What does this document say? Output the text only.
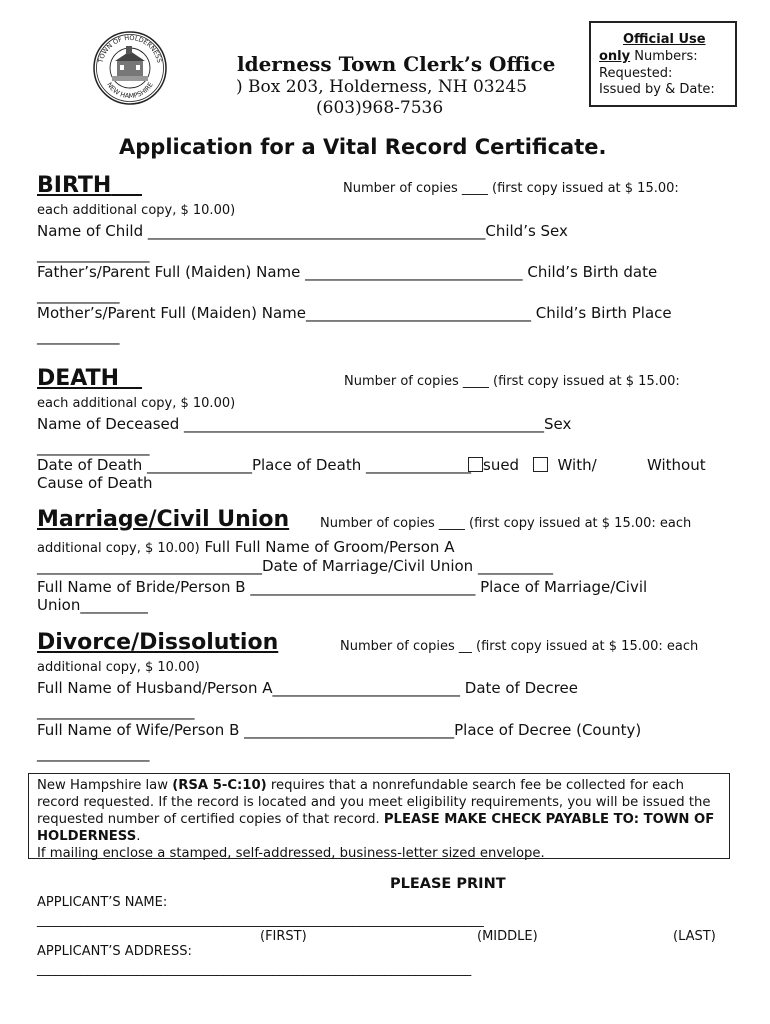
TOWN OF HOLDERNESS
NEW HAMPSHIRE
lderness Town Clerk’s Office
) Box 203, Holderness, NH 03245
(603)968-7536
Official Use
only Numbers:
Requested:
Issued by & Date:
Application for a Vital Record Certificate.
BIRTH	Number of copies ____ (first copy issued at $ 15.00:
each additional copy, $ 10.00)
Name of Child _____________________________________________Child’s Sex
_______________
Father’s/Parent Full (Maiden) Name _____________________________ Child’s Birth date
___________
Mother’s/Parent Full (Maiden) Name______________________________ Child’s Birth Place
___________
DEATH	Number of copies ____ (first copy issued at $ 15.00:
each additional copy, $ 10.00)
Name of Deceased ________________________________________________Sex
_______________
Date of Death ______________Place of Death ______________ sued	With/	Without
Cause of Death
Marriage/Civil Union Number of copies ____ (first copy issued at $ 15.00: each
additional copy, $ 10.00) Full Full Name of Groom/Person A
______________________________Date of Marriage/Civil Union __________
Full Name of Bride/Person B ______________________________ Place of Marriage/Civil
Union_________
Divorce/Dissolution	Number of copies __ (first copy issued at $ 15.00: each
additional copy, $ 10.00)
Full Name of Husband/Person A_________________________ Date of Decree
_____________________
Full Name of Wife/Person B ____________________________Place of Decree (County)
_______________
New Hampshire law (RSA 5-C:10) requires that a nonrefundable search fee be collected for each record requested. If the record is located and you meet eligibility requirements, you will be issued the requested number of certified copies of that record. PLEASE MAKE CHECK PAYABLE TO: TOWN OF HOLDERNESS.
If mailing enclose a stamped, self-addressed, business-letter sized envelope.
PLEASE PRINT
APPLICANT’S NAME:
________________________________________________________________________
(FIRST)	(MIDDLE)	(LAST)
APPLICANT’S ADDRESS:
______________________________________________________________________
